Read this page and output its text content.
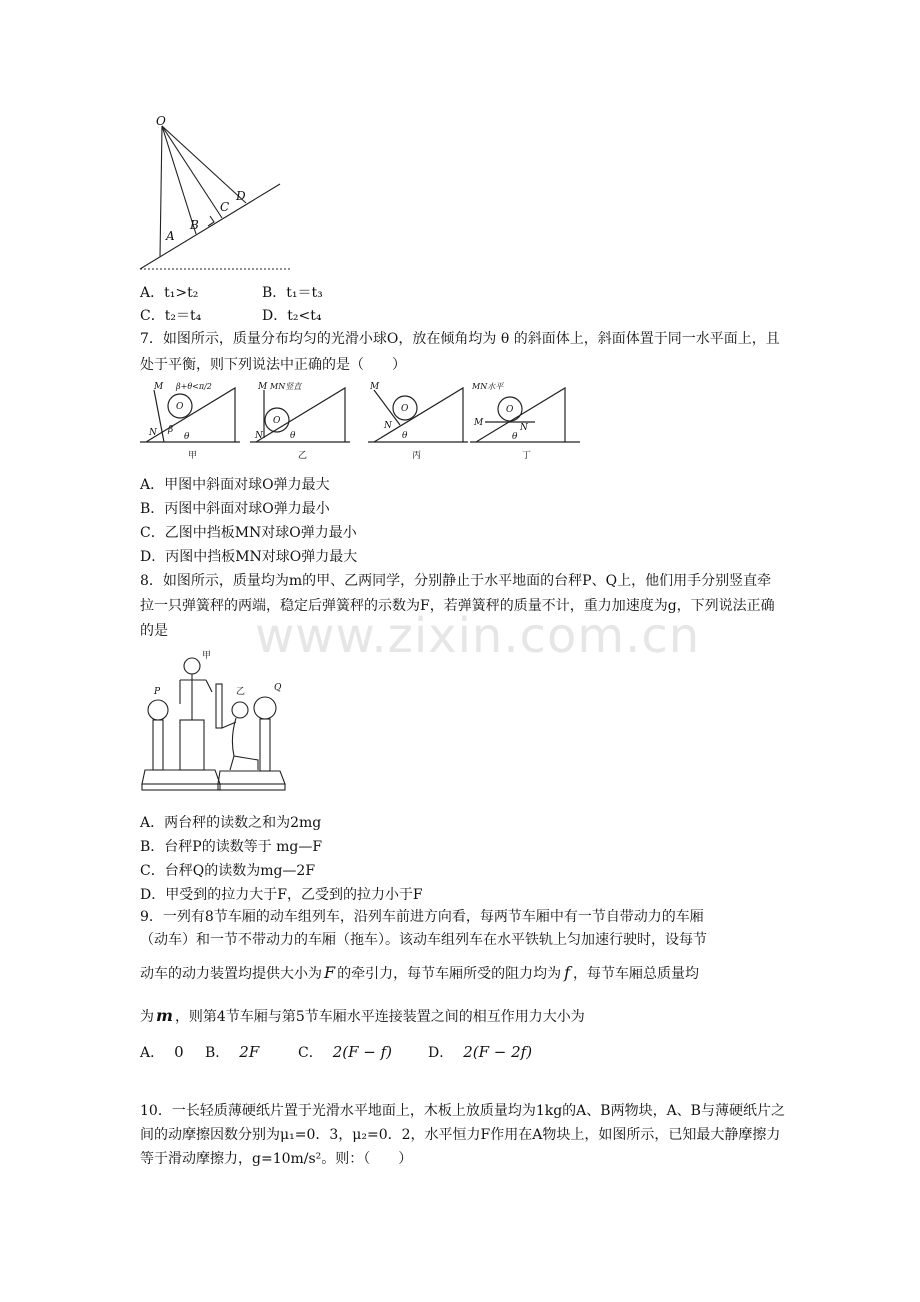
www.zixin.com.cn
O
A
B
C
D
A．t₁>t₂	B．t₁＝t₃
C．t₂＝t₄	D．t₂<t₄
7．如图所示，质量分布均匀的光滑小球O，放在倾角均为 θ 的斜面体上，斜面体置于同一水平面上，且处于平衡，则下列说法中正确的是（　　）
M β+θ<π/2
O
N β
θ
甲
M MN竖直
O
N	θ
乙
M
O
N
θ
丙
MN水平
M
O
N
θ
丁
A．甲图中斜面对球O弹力最大
B．丙图中斜面对球O弹力最小
C．乙图中挡板MN对球O弹力最小
D．丙图中挡板MN对球O弹力最大
8．如图所示，质量均为m的甲、乙两同学，分别静止于水平地面的台秤P、Q上，他们用手分别竖直牵拉一只弹簧秤的两端，稳定后弹簧秤的示数为F，若弹簧秤的质量不计，重力加速度为g，下列说法正确的是
甲
乙
P	Q
A．两台秤的读数之和为2mg
B．台秤P的读数等于 mg—F
C．台秤Q的读数为mg—2F
D．甲受到的拉力大于F，乙受到的拉力小于F
9．一列有8节车厢的动车组列车，沿列车前进方向看，每两节车厢中有一节自带动力的车厢
（动车）和一节不带动力的车厢（拖车）。该动车组列车在水平铁轨上匀加速行驶时，设每节
动车的动力装置均提供大小为 F 的牵引力，每节车厢所受的阻力均为 f ，每节车厢总质量均
为 m ，则第4节车厢与第5节车厢水平连接装置之间的相互作用力大小为
A． 0 B． 2F	C． 2(F − f)	D． 2(F − 2f)
10．一长轻质薄硬纸片置于光滑水平地面上，木板上放质量均为1kg的A、B两物块，A、B与薄硬纸片之间的动摩擦因数分别为μ₁=0．3，μ₂=0．2，水平恒力F作用在A物块上，如图所示，已知最大静摩擦力等于滑动摩擦力，g=10m/s²。则：（　　）
